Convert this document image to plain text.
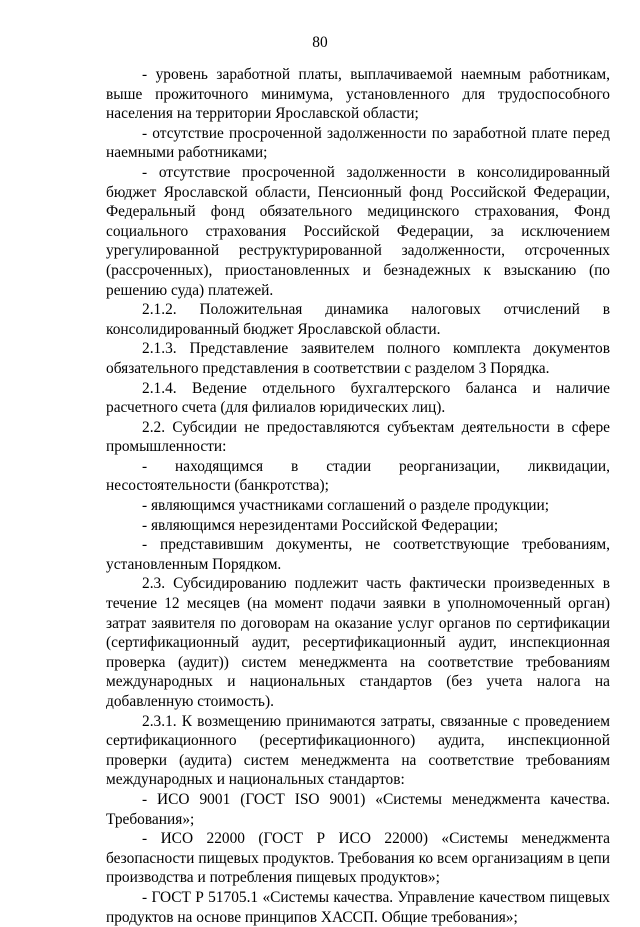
80

- уровень заработной платы, выплачиваемой наемным работникам, выше прожиточного минимума, установленного для трудоспособного населения на территории Ярославской области;

- отсутствие просроченной задолженности по заработной плате перед наемными работниками;

- отсутствие просроченной задолженности в консолидированный бюджет Ярославской области, Пенсионный фонд Российской Федерации, Федеральный фонд обязательного медицинского страхования, Фонд социального страхования Российской Федерации, за исключением урегулированной реструктурированной задолженности, отсроченных (рассроченных), приостановленных и безнадежных к взысканию (по решению суда) платежей.

2.1.2. Положительная динамика налоговых отчислений в консолидированный бюджет Ярославской области.

2.1.3. Представление заявителем полного комплекта документов обязательного представления в соответствии с разделом 3 Порядка.

2.1.4. Ведение отдельного бухгалтерского баланса и наличие расчетного счета (для филиалов юридических лиц).

2.2. Субсидии не предоставляются субъектам деятельности в сфере промышленности:

- находящимся в стадии реорганизации, ликвидации, несостоятельности (банкротства);

- являющимся участниками соглашений о разделе продукции;

- являющимся нерезидентами Российской Федерации;

- представившим документы, не соответствующие требованиям, установленным Порядком.

2.3. Субсидированию подлежит часть фактически произведенных в течение 12 месяцев (на момент подачи заявки в уполномоченный орган) затрат заявителя по договорам на оказание услуг органов по сертификации (сертификационный аудит, ресертификационный аудит, инспекционная проверка (аудит)) систем менеджмента на соответствие требованиям международных и национальных стандартов (без учета налога на добавленную стоимость).

2.3.1. К возмещению принимаются затраты, связанные с проведением сертификационного (ресертификационного) аудита, инспекционной проверки (аудита) систем менеджмента на соответствие требованиям международных и национальных стандартов:

- ИСО 9001 (ГОСТ ISO 9001) «Системы менеджмента качества. Требования»;

- ИСО 22000 (ГОСТ Р ИСО 22000) «Системы менеджмента безопасности пищевых продуктов. Требования ко всем организациям в цепи производства и потребления пищевых продуктов»;

- ГОСТ Р 51705.1 «Системы качества. Управление качеством пищевых продуктов на основе принципов ХАССП. Общие требования»;
